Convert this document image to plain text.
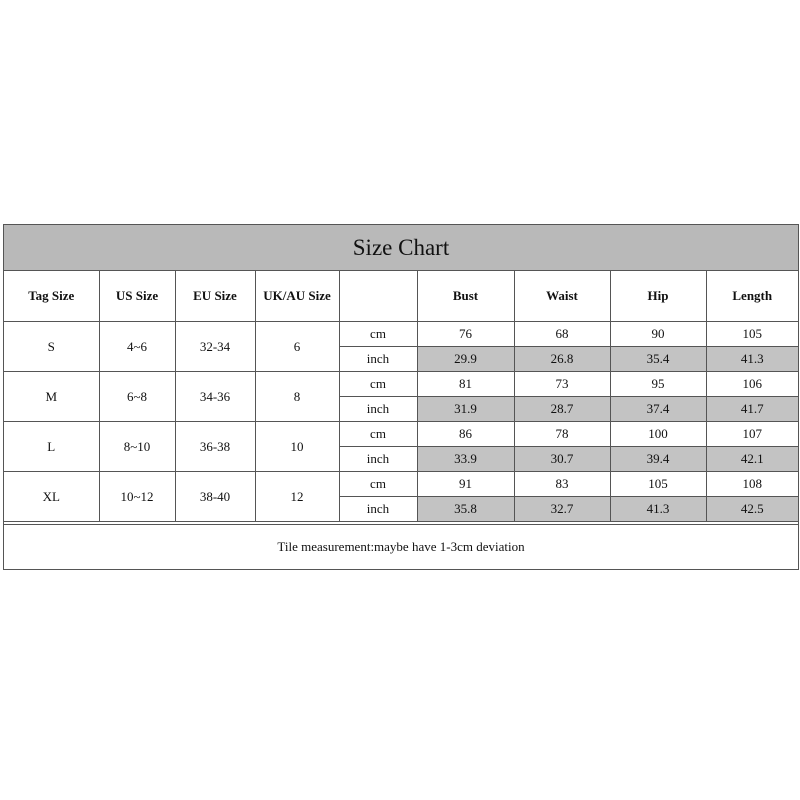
Size Chart
Tag Size	US Size	EU Size	UK/AU Size		Bust	Waist	Hip	Length
S	4~6	32-34	6	cm	76	68	90	105
				inch	29.9	26.8	35.4	41.3
M	6~8	34-36	8	cm	81	73	95	106
				inch	31.9	28.7	37.4	41.7
L	8~10	36-38	10	cm	86	78	100	107
				inch	33.9	30.7	39.4	42.1
XL	10~12	38-40	12	cm	91	83	105	108
				inch	35.8	32.7	41.3	42.5
Tile measurement:maybe have 1-3cm deviation
